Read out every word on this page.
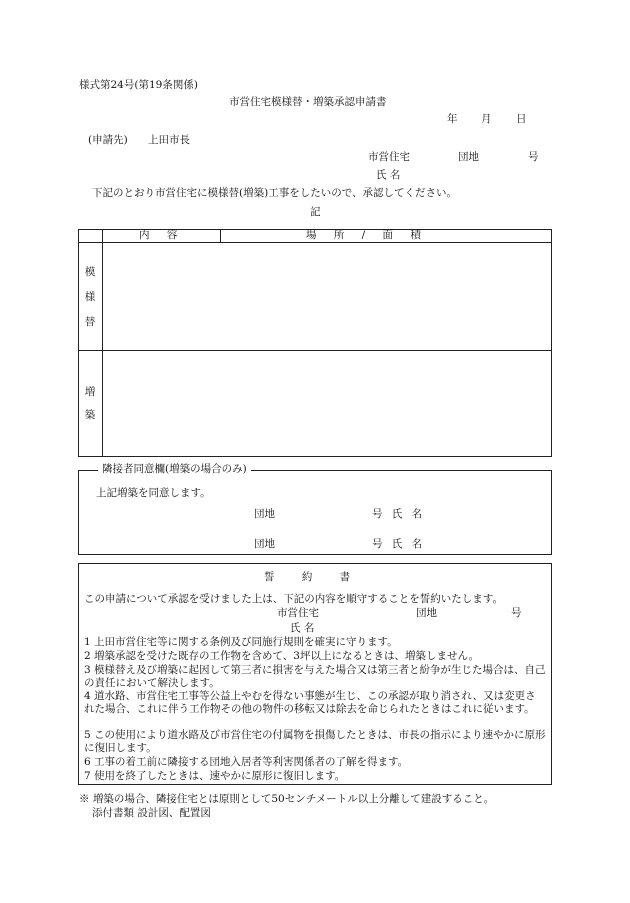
様式第24号(第19条関係)
市営住宅模様替・増築承認申請書
年 月 日
(申請先) 上田市長
市営住宅	団地	号
氏 名
下記のとおり市営住宅に模様替(増築)工事をしたいので、承認してください。
記
内 容	場 所 / 面 積
模
様
替
増
築
隣接者同意欄(増築の場合のみ)
上記増築を同意します。
団地	号 氏 名
団地	号 氏 名
誓 約 書
この申請について承認を受けました上は、下記の内容を順守することを誓約いたします。
市営住宅	団地	号
氏 名
1 上田市営住宅等に関する条例及び同施行規則を確実に守ります。
2 増築承認を受けた既存の工作物を含めて、3坪以上になるときは、増築しません。
3 模様替え及び増築に起因して第三者に損害を与えた場合又は第三者と紛争が生じた場合は、自己の責任において解決します。
4 道水路、市営住宅工事等公益上やむを得ない事態が生じ、この承認が取り消され、又は変更された場合、これに伴う工作物その他の物件の移転又は除去を命じられたときはこれに従います。
5 この使用により道水路及び市営住宅の付属物を損傷したときは、市長の指示により速やかに原形に復旧します。
6 工事の着工前に隣接する団地入居者等利害関係者の了解を得ます。
7 使用を終了したときは、速やかに原形に復旧します。
※ 増築の場合、隣接住宅とは原則として50センチメートル以上分離して建設すること。
添付書類 設計図、配置図
